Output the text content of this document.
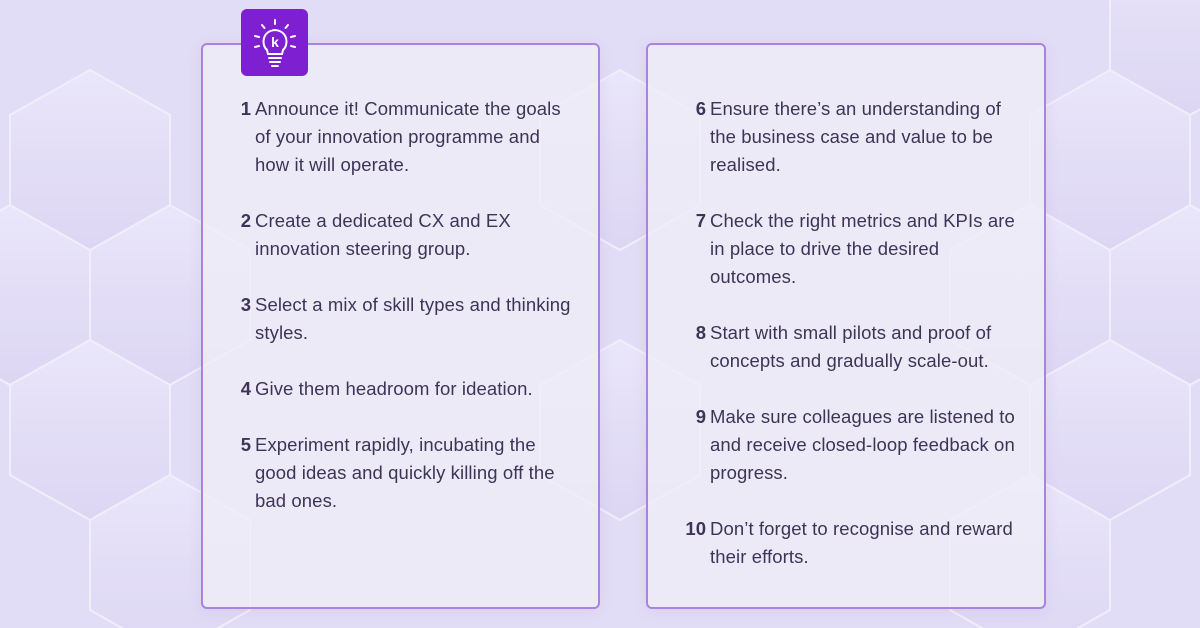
1 Announce it! Communicate the goals of your innovation programme and how it will operate.
2 Create a dedicated CX and EX innovation steering group.
3 Select a mix of skill types and thinking styles.
4 Give them headroom for ideation.
5 Experiment rapidly, incubating the good ideas and quickly killing off the bad ones.
6 Ensure there’s an understanding of the business case and value to be realised.
7 Check the right metrics and KPIs are in place to drive the desired outcomes.
8 Start with small pilots and proof of concepts and gradually scale-out.
9 Make sure colleagues are listened to and receive closed-loop feedback on progress.
10 Don’t forget to recognise and reward their efforts.
k
